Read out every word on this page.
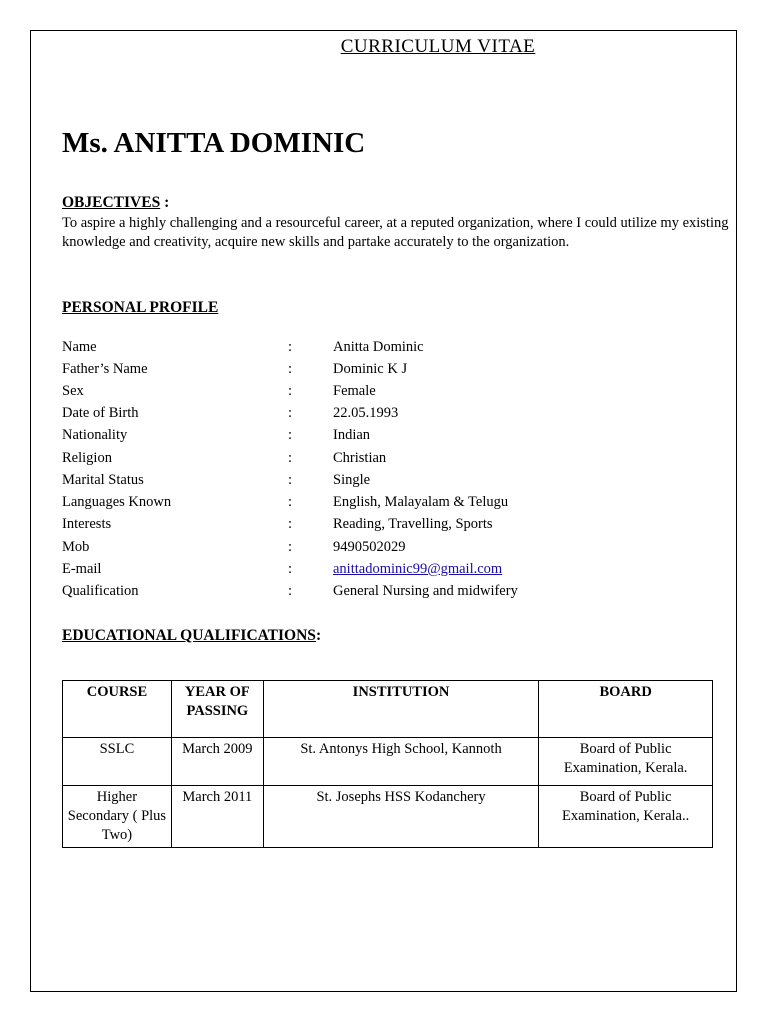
CURRICULUM VITAE
Ms. ANITTA DOMINIC
OBJECTIVES :
To aspire a highly challenging and a resourceful career, at a reputed organization, where I could utilize my existing knowledge and creativity, acquire new skills and partake accurately to the organization.
PERSONAL PROFILE
Name	:	Anitta Dominic
Father’s Name	:	Dominic K J
Sex	:	Female
Date of Birth	:	22.05.1993
Nationality	:	Indian
Religion	:	Christian
Marital Status	:	Single
Languages Known	:	English, Malayalam & Telugu
Interests	:	Reading, Travelling, Sports
Mob	:	9490502029
E-mail	:	anittadominic99@gmail.com
Qualification	:	General Nursing and midwifery
EDUCATIONAL QUALIFICATIONS:
COURSE	YEAR OF PASSING	INSTITUTION	BOARD
SSLC	March 2009	St. Antonys High School, Kannoth	Board of Public Examination, Kerala.
Higher Secondary ( Plus Two)	March 2011	St. Josephs HSS Kodanchery	Board of Public Examination, Kerala..
